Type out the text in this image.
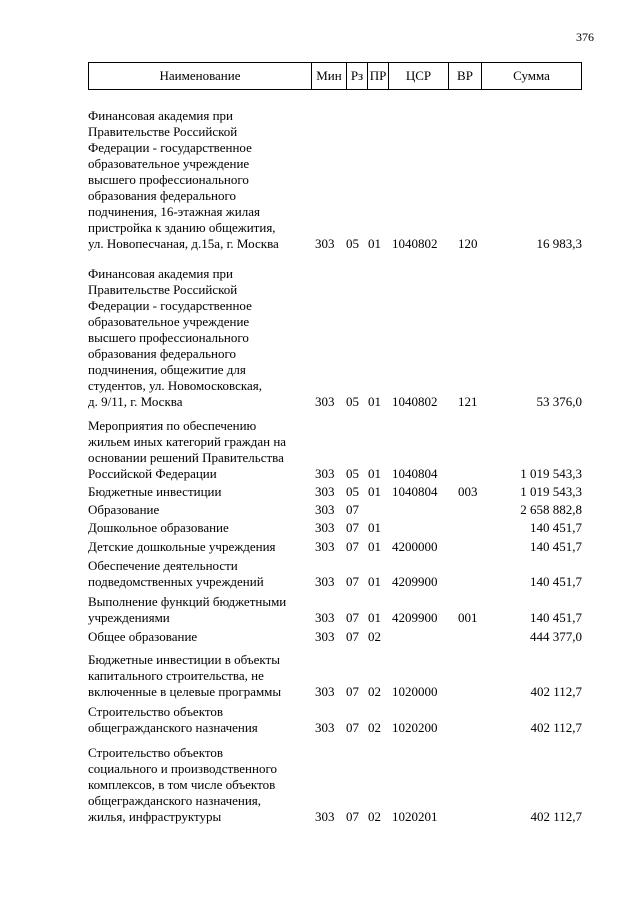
376
Наименование	Мин Рз ПР	ЦСР	ВР	Сумма
Финансовая академия при
Правительстве Российской
Федерации - государственное
образовательное учреждение
высшего профессионального
образования федерального
подчинения, 16-этажная жилая
пристройка к зданию общежития,
ул. Новопесчаная, д.15а, г. Москва	303 05 01 1040802	120	16 983,3
Финансовая академия при
Правительстве Российской
Федерации - государственное
образовательное учреждение
высшего профессионального
образования федерального
подчинения, общежитие для
студентов, ул. Новомосковская,
д. 9/11, г. Москва	303 05 01 1040802	121	53 376,0
Мероприятия по обеспечению
жильем иных категорий граждан на
основании решений Правительства
Российской Федерации	303 05 01 1040804	1 019 543,3
Бюджетные инвестиции	303 05 01 1040804	003	1 019 543,3
Образование	303 07	2 658 882,8
Дошкольное образование	303 07 01	140 451,7
Детские дошкольные учреждения	303 07 01 4200000	140 451,7
Обеспечение деятельности
подведомственных учреждений	303 07 01 4209900	140 451,7
Выполнение функций бюджетными
учреждениями	303 07 01 4209900	001	140 451,7
Общее образование	303 07 02	444 377,0
Бюджетные инвестиции в объекты
капитального строительства, не
включенные в целевые программы	303 07 02 1020000	402 112,7
Строительство объектов
общегражданского назначения	303 07 02 1020200	402 112,7
Строительство объектов
социального и производственного
комплексов, в том числе объектов
общегражданского назначения,
жилья, инфраструктуры	303 07 02 1020201	402 112,7
